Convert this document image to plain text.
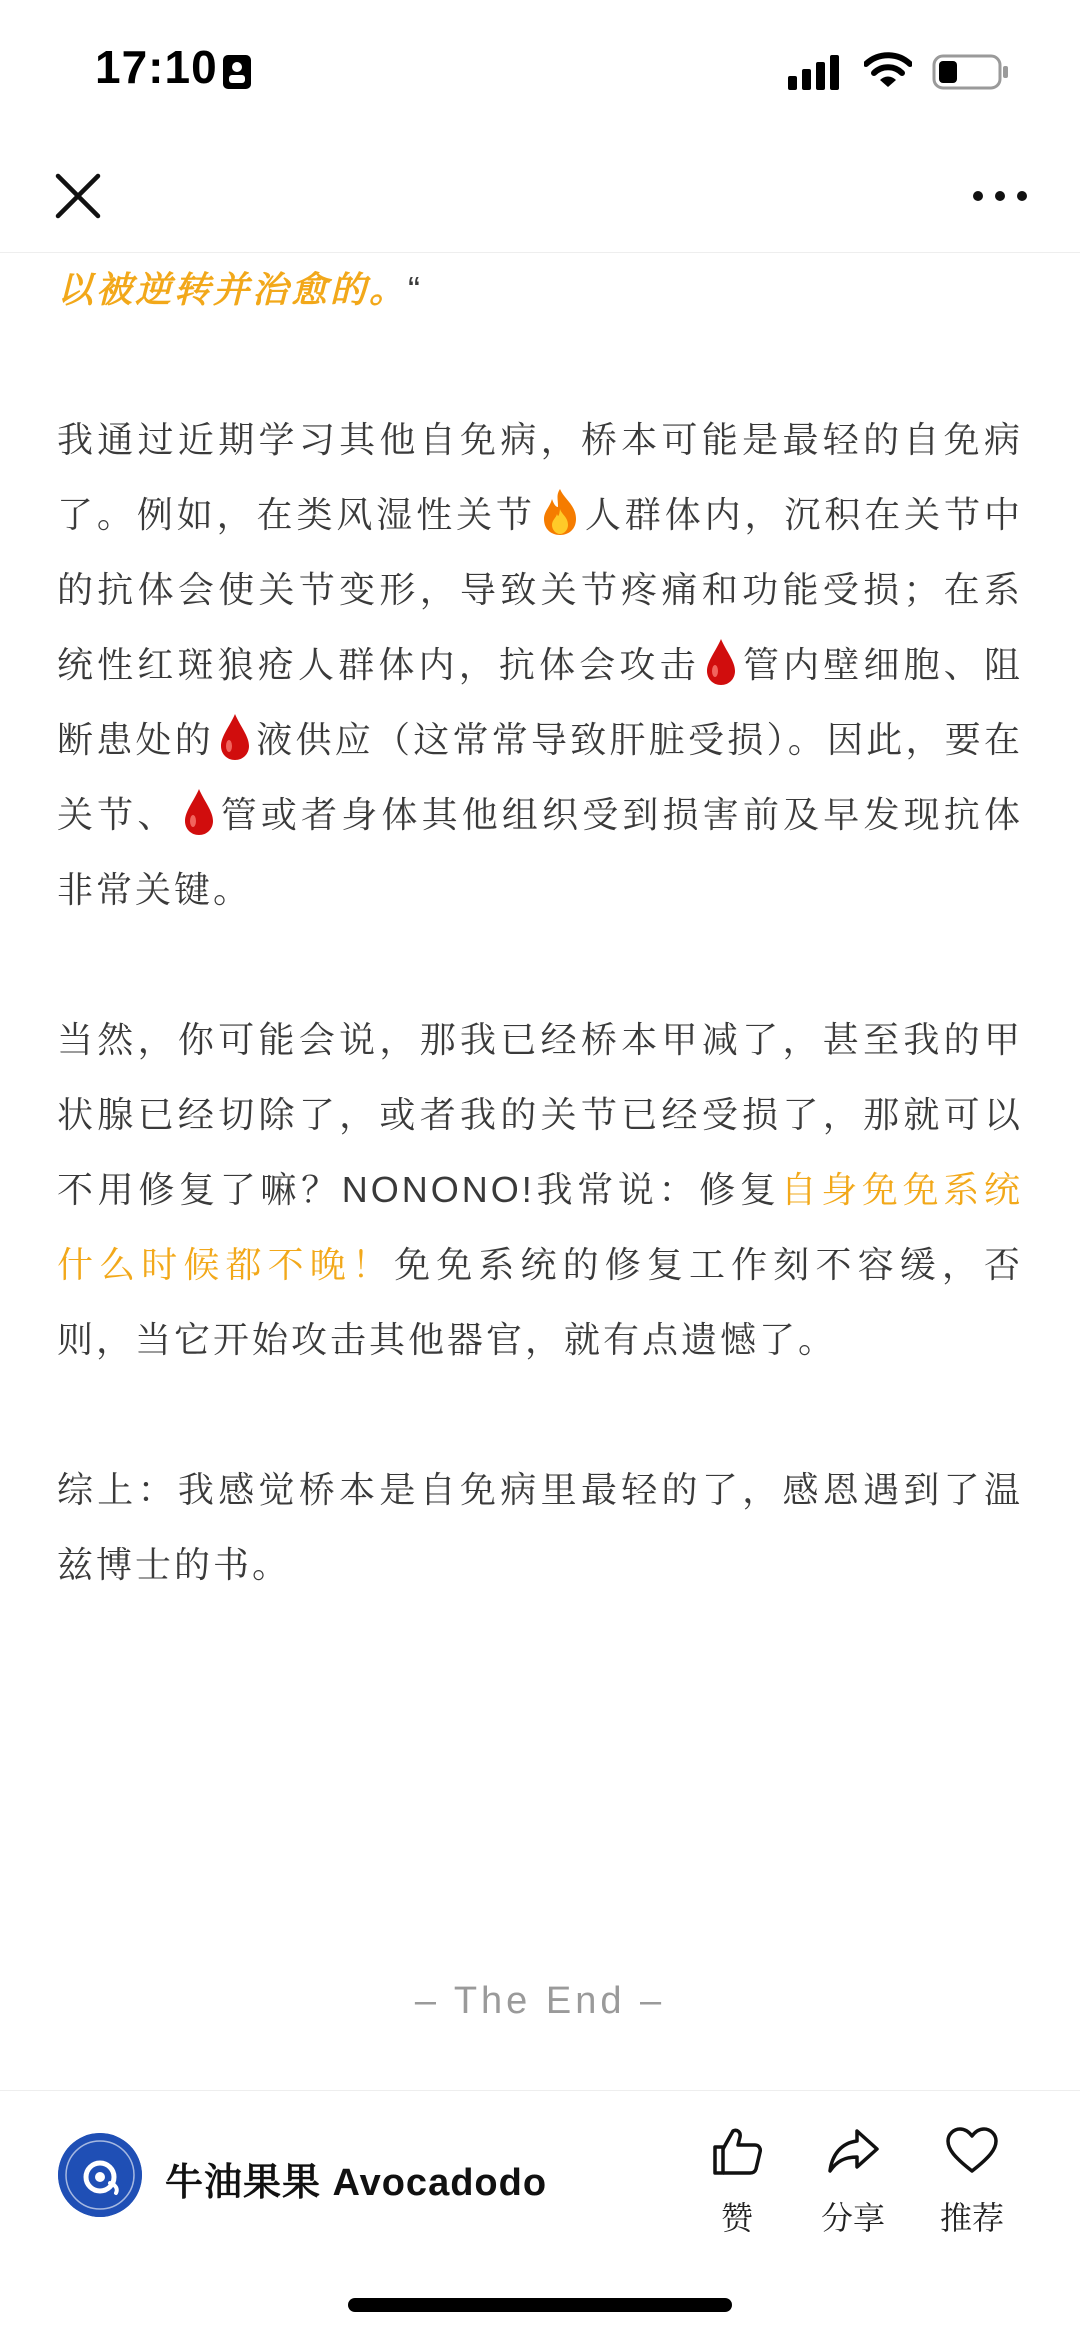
17:10

以被逆转并治愈的。“

我通过近期学习其他自免病，桥本可能是最轻的自免病了。例如，在类风湿性关节 人群体内，沉积在关节中的抗体会使关节变形，导致关节疼痛和功能受损；在系统性红斑狼疮人群体内，抗体会攻击 管内壁细胞、阻断患处的 液供应（这常常导致肝脏受损）。因此，要在关节、 管或者身体其他组织受到损害前及早发现抗体非常关键。

当然，你可能会说，那我已经桥本甲减了，甚至我的甲状腺已经切除了，或者我的关节已经受损了，那就可以不用修复了嘛？NONONO!我常说：修复自身免免系统什么时候都不晚！免免系统的修复工作刻不容缓，否则，当它开始攻击其他器官，就有点遗憾了。

综上：我感觉桥本是自免病里最轻的了，感恩遇到了温兹博士的书。

– The End –
牛油果果 Avocadodo
赞	分享	推荐
